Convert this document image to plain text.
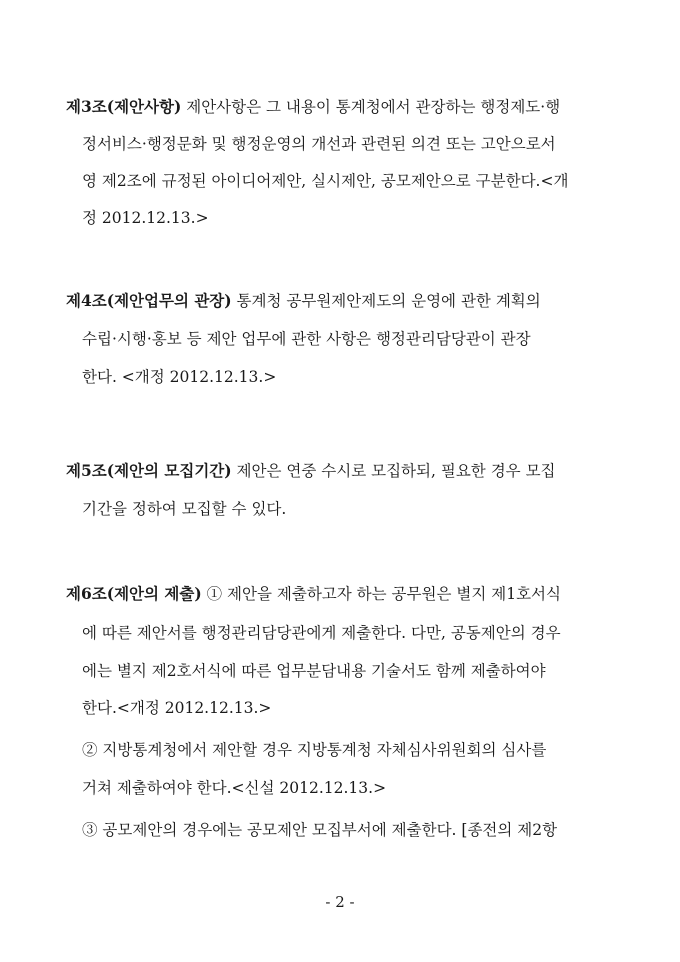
제3조(제안사항) 제안사항은 그 내용이 통계청에서 관장하는 행정제도·행
정서비스·행정문화 및 행정운영의 개선과 관련된 의견 또는 고안으로서
영 제2조에 규정된 아이디어제안, 실시제안, 공모제안으로 구분한다.<개
정 2012.12.13.>
제4조(제안업무의 관장) 통계청 공무원제안제도의 운영에 관한 계획의
수립·시행·홍보 등 제안 업무에 관한 사항은 행정관리담당관이 관장
한다. <개정 2012.12.13.>
제5조(제안의 모집기간) 제안은 연중 수시로 모집하되, 필요한 경우 모집
기간을 정하여 모집할 수 있다.
제6조(제안의 제출) ① 제안을 제출하고자 하는 공무원은 별지 제1호서식
에 따른 제안서를 행정관리담당관에게 제출한다. 다만, 공동제안의 경우
에는 별지 제2호서식에 따른 업무분담내용 기술서도 함께 제출하여야
한다.<개정 2012.12.13.>
② 지방통계청에서 제안할 경우 지방통계청 자체심사위원회의 심사를
거쳐 제출하여야 한다.<신설 2012.12.13.>
③ 공모제안의 경우에는 공모제안 모집부서에 제출한다. [종전의 제2항
- 2 -
